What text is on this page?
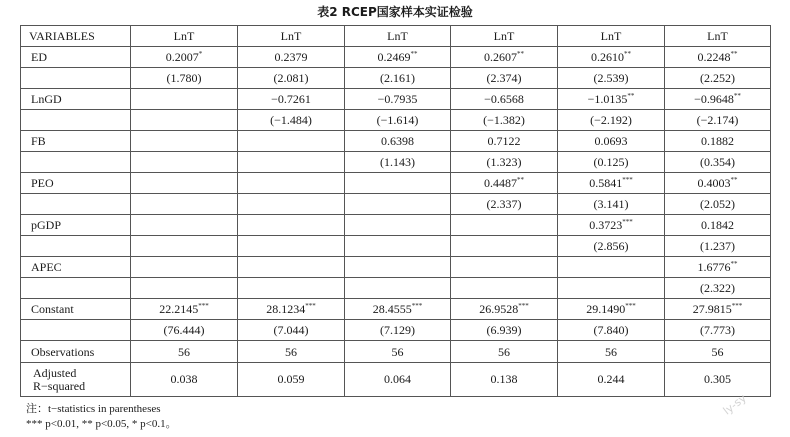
表2 RCEP国家样本实证检验
VARIABLES	LnT	LnT	LnT	LnT	LnT	LnT
ED	0.2007*	0.2379	0.2469**	0.2607**	0.2610**	0.2248**
	(1.780)	(2.081)	(2.161)	(2.374)	(2.539)	(2.252)
LnGD		−0.7261	−0.7935	−0.6568	−1.0135**	−0.9648**
		(−1.484)	(−1.614)	(−1.382)	(−2.192)	(−2.174)
FB			0.6398	0.7122	0.0693	0.1882
			(1.143)	(1.323)	(0.125)	(0.354)
PEO				0.4487**	0.5841***	0.4003**
				(2.337)	(3.141)	(2.052)
pGDP					0.3723***	0.1842
					(2.856)	(1.237)
APEC						1.6776**
						(2.322)
Constant	22.2145***	28.1234***	28.4555***	26.9528***	29.1490***	27.9815***
	(76.444)	(7.044)	(7.129)	(6.939)	(7.840)	(7.773)
Observations	56	56	56	56	56	56

Adjusted
R−squared	0.038	0.059	0.064	0.138	0.244	0.305
注：t−statistics in parentheses
*** p<0.01, ** p<0.05, * p<0.1。
ly-sy
